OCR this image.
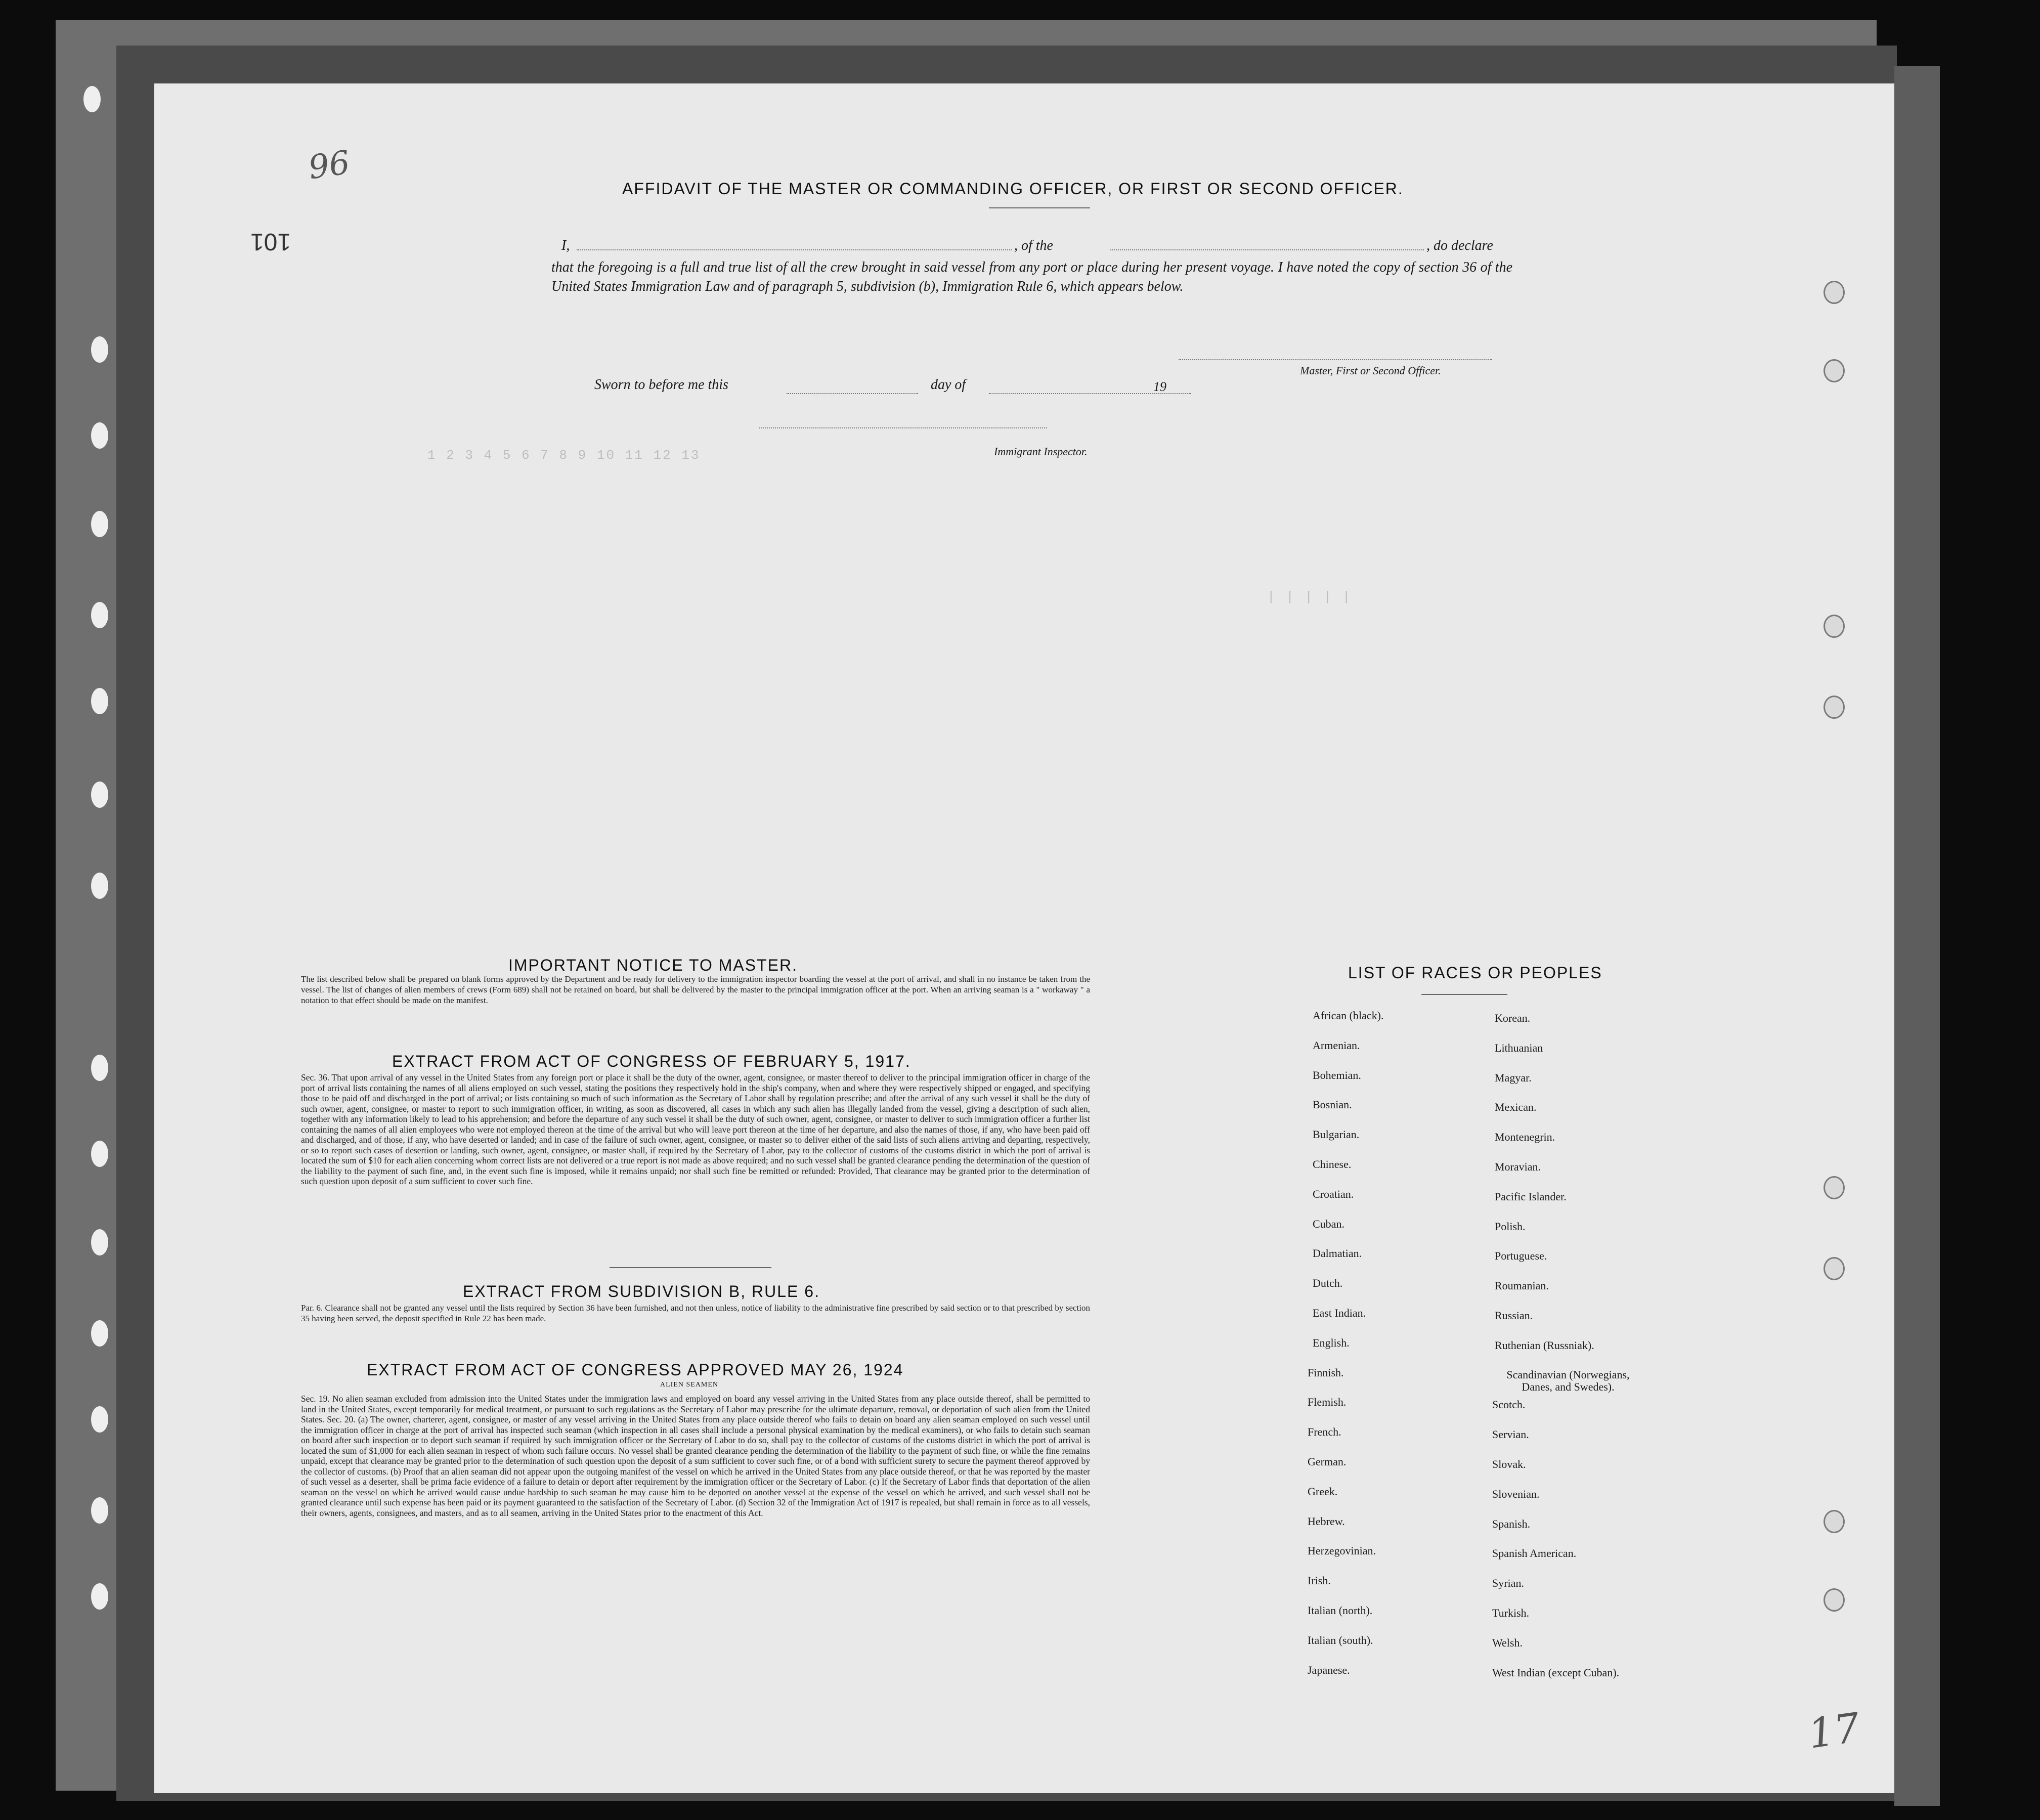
1 2 3 4 5 6 7 8 9 10 11 12 13
| | | | |
96
101
17
AFFIDAVIT OF THE MASTER OR COMMANDING OFFICER, OR FIRST OR SECOND OFFICER.
I,	, of the	, do declare
that the foregoing is a full and true list of all the crew brought in said vessel from any port or place during her present voyage. I have noted the copy of section 36 of the United States Immigration Law and of paragraph 5, subdivision (b), Immigration Rule 6, which appears below.
Master, First or Second Officer.
Sworn to before me this	day of	19
Immigrant Inspector.
IMPORTANT NOTICE TO MASTER.
The list described below shall be prepared on blank forms approved by the Department and be ready for delivery to the immigration inspector boarding the vessel at the port of arrival, and shall in no instance be taken from the vessel. The list of changes of alien members of crews (Form 689) shall not be retained on board, but shall be delivered by the master to the principal immigration officer at the port. When an arriving seaman is a " workaway " a notation to that effect should be made on the manifest.
EXTRACT FROM ACT OF CONGRESS OF FEBRUARY 5, 1917.
Sec. 36. That upon arrival of any vessel in the United States from any foreign port or place it shall be the duty of the owner, agent, consignee, or master thereof to deliver to the principal immigration officer in charge of the port of arrival lists containing the names of all aliens employed on such vessel, stating the positions they respectively hold in the ship's company, when and where they were respectively shipped or engaged, and specifying those to be paid off and discharged in the port of arrival; or lists containing so much of such information as the Secretary of Labor shall by regulation prescribe; and after the arrival of any such vessel it shall be the duty of such owner, agent, consignee, or master to report to such immigration officer, in writing, as soon as discovered, all cases in which any such alien has illegally landed from the vessel, giving a description of such alien, together with any information likely to lead to his apprehension; and before the departure of any such vessel it shall be the duty of such owner, agent, consignee, or master to deliver to such immigration officer a further list containing the names of all alien employees who were not employed thereon at the time of the arrival but who will leave port thereon at the time of her departure, and also the names of those, if any, who have been paid off and discharged, and of those, if any, who have deserted or landed; and in case of the failure of such owner, agent, consignee, or master so to deliver either of the said lists of such aliens arriving and departing, respectively, or so to report such cases of desertion or landing, such owner, agent, consignee, or master shall, if required by the Secretary of Labor, pay to the collector of customs of the customs district in which the port of arrival is located the sum of $10 for each alien concerning whom correct lists are not delivered or a true report is not made as above required; and no such vessel shall be granted clearance pending the determination of the question of the liability to the payment of such fine, and, in the event such fine is imposed, while it remains unpaid; nor shall such fine be remitted or refunded: Provided, That clearance may be granted prior to the determination of such question upon deposit of a sum sufficient to cover such fine.
EXTRACT FROM SUBDIVISION B, RULE 6.
Par. 6. Clearance shall not be granted any vessel until the lists required by Section 36 have been furnished, and not then unless, notice of liability to the administrative fine prescribed by said section or to that prescribed by section 35 having been served, the deposit specified in Rule 22 has been made.
EXTRACT FROM ACT OF CONGRESS APPROVED MAY 26, 1924
ALIEN SEAMEN
Sec. 19. No alien seaman excluded from admission into the United States under the immigration laws and employed on board any vessel arriving in the United States from any place outside thereof, shall be permitted to land in the United States, except temporarily for medical treatment, or pursuant to such regulations as the Secretary of Labor may prescribe for the ultimate departure, removal, or deportation of such alien from the United States. Sec. 20. (a) The owner, charterer, agent, consignee, or master of any vessel arriving in the United States from any place outside thereof who fails to detain on board any alien seaman employed on such vessel until the immigration officer in charge at the port of arrival has inspected such seaman (which inspection in all cases shall include a personal physical examination by the medical examiners), or who fails to detain such seaman on board after such inspection or to deport such seaman if required by such immigration officer or the Secretary of Labor to do so, shall pay to the collector of customs of the customs district in which the port of arrival is located the sum of $1,000 for each alien seaman in respect of whom such failure occurs. No vessel shall be granted clearance pending the determination of the liability to the payment of such fine, or while the fine remains unpaid, except that clearance may be granted prior to the determination of such question upon the deposit of a sum sufficient to cover such fine, or of a bond with sufficient surety to secure the payment thereof approved by the collector of customs. (b) Proof that an alien seaman did not appear upon the outgoing manifest of the vessel on which he arrived in the United States from any place outside thereof, or that he was reported by the master of such vessel as a deserter, shall be prima facie evidence of a failure to detain or deport after requirement by the immigration officer or the Secretary of Labor. (c) If the Secretary of Labor finds that deportation of the alien seaman on the vessel on which he arrived would cause undue hardship to such seaman he may cause him to be deported on another vessel at the expense of the vessel on which he arrived, and such vessel shall not be granted clearance until such expense has been paid or its payment guaranteed to the satisfaction of the Secretary of Labor. (d) Section 32 of the Immigration Act of 1917 is repealed, but shall remain in force as to all vessels, their owners, agents, consignees, and masters, and as to all seamen, arriving in the United States prior to the enactment of this Act.
LIST OF RACES OR PEOPLES
African (black).
Armenian.
Bohemian.
Bosnian.
Bulgarian.
Chinese.
Croatian.
Cuban.
Dalmatian.
Dutch.
East Indian.
English.
Finnish.
Flemish.
French.
German.
Greek.
Hebrew.
Herzegovinian.
Irish.
Italian (north).
Italian (south).
Japanese.
Korean.
Lithuanian
Magyar.
Mexican.
Montenegrin.
Moravian.
Pacific Islander.
Polish.
Portuguese.
Roumanian.
Russian.
Ruthenian (Russniak).
Scandinavian (Norwegians, Danes, and Swedes).
Scotch.
Servian.
Slovak.
Slovenian.
Spanish.
Spanish American.
Syrian.
Turkish.
Welsh.
West Indian (except Cuban).
